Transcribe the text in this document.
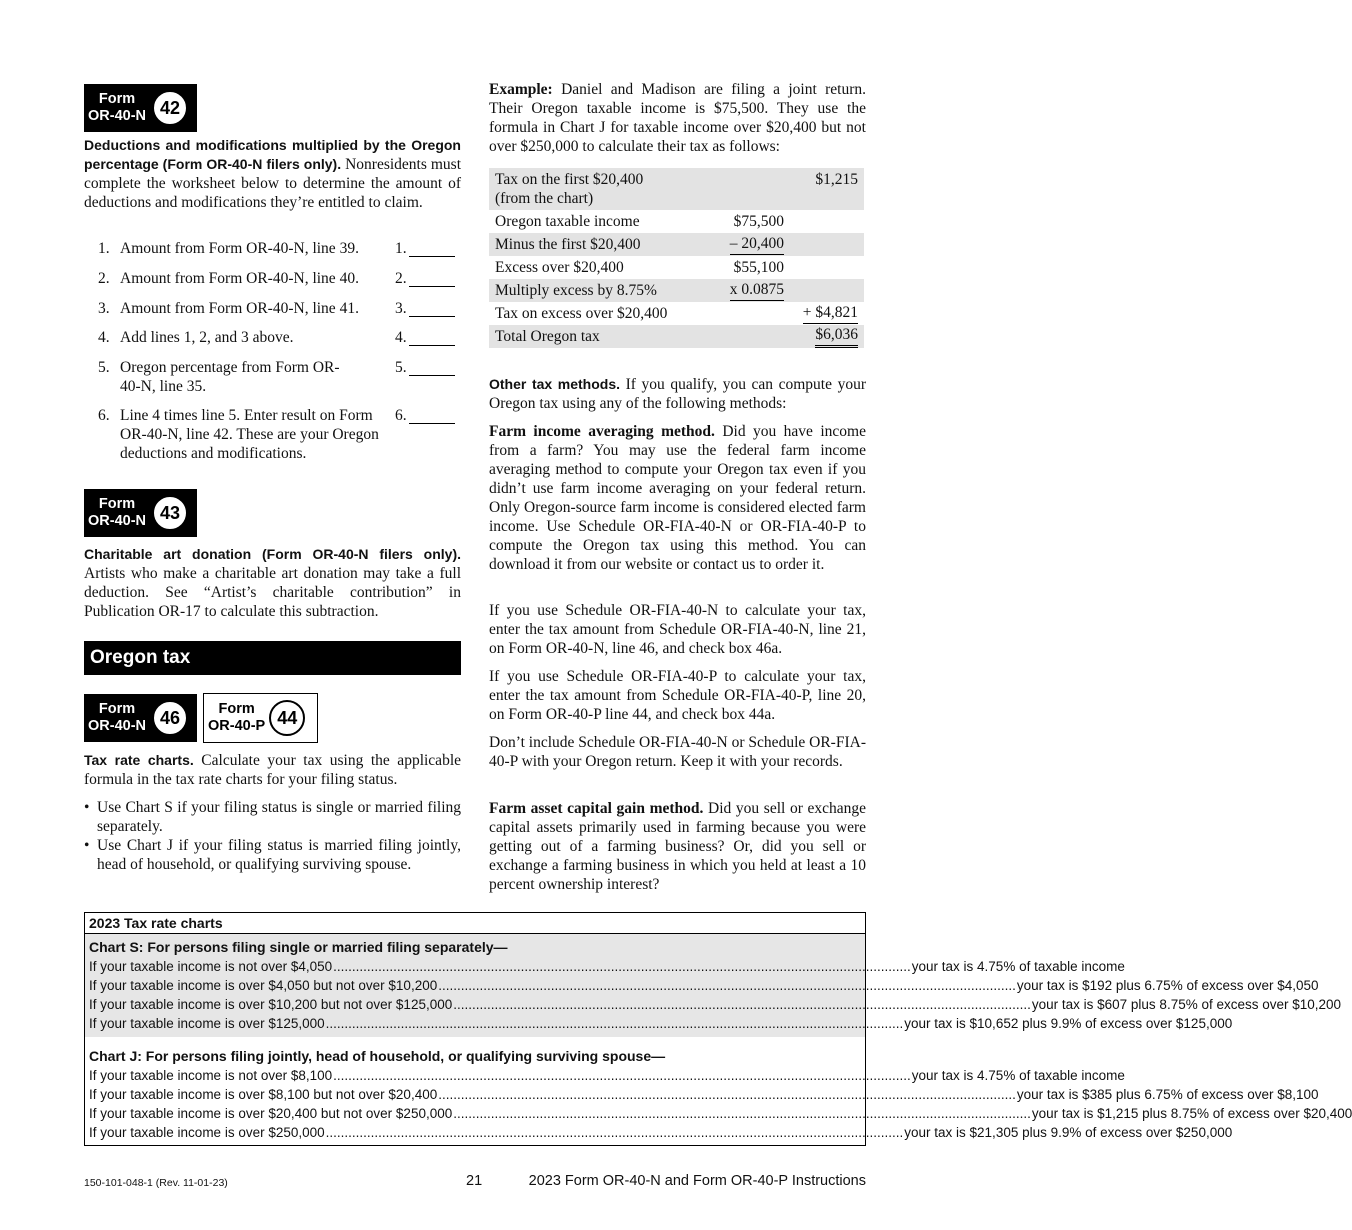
Form
OR-40-N 42

Deductions and modifications multiplied by the Oregon percentage (Form OR-40-N filers only). Nonresidents must complete the worksheet below to determine the amount of deductions and modifications they’re entitled to claim.

1. Amount from Form OR-40-N, line 39.	1.
2. Amount from Form OR-40-N, line 40.	2.
3. Amount from Form OR-40-N, line 41.	3.
4. Add lines 1, 2, and 3 above.	4.
5. Oregon percentage from Form OR-40-N, line 35.
5.
6. Line 4 times line 5. Enter result on Form OR-40-N, line 42. These are your Oregon deductions and modifications.
6.
Form
OR-40-N 43

Charitable art donation (Form OR-40-N filers only). Artists who make a charitable art donation may take a full deduction. See “Artist’s charitable contribution” in Publication OR-17 to calculate this subtraction.

Oregon tax
Form
OR-40-N 46	Form
OR-40-P 44

Tax rate charts. Calculate your tax using the applicable formula in the tax rate charts for your filing status.

• Use Chart S if your filing status is single or married filing separately.
• Use Chart J if your filing status is married filing jointly, head of household, or qualifying surviving spouse.

Example: Daniel and Madison are filing a joint return. Their Oregon taxable income is $75,500. They use the formula in Chart J for taxable income over $20,400 but not over $250,000 to calculate their tax as follows:

Tax on the first $20,400
(from the chart)
$1,215
Oregon taxable income	$75,500
Minus the first $20,400	– 20,400
Excess over $20,400	$55,100
Multiply excess by 8.75%	x 0.0875
Tax on excess over $20,400	+ $4,821
Total Oregon tax	$6,036

Other tax methods. If you qualify, you can compute your Oregon tax using any of the following methods:

Farm income averaging method. Did you have income from a farm? You may use the federal farm income averaging method to compute your Oregon tax even if you didn’t use farm income averaging on your federal return. Only Oregon-source farm income is considered elected farm income. Use Schedule OR-FIA-40-N or OR-FIA-40-P to compute the Oregon tax using this method. You can download it from our website or contact us to order it.

If you use Schedule OR-FIA-40-N to calculate your tax, enter the tax amount from Schedule OR-FIA-40-N, line 21, on Form OR-40-N, line 46, and check box 46a.

If you use Schedule OR-FIA-40-P to calculate your tax, enter the tax amount from Schedule OR-FIA-40-P, line 20, on Form OR-40-P line 44, and check box 44a.

Don’t include Schedule OR-FIA-40-N or Schedule OR-FIA-40-P with your Oregon return. Keep it with your records.

Farm asset capital gain method. Did you sell or exchange capital assets primarily used in farming because you were getting out of a farming business? Or, did you sell or exchange a farming business in which you held at least a 10 percent ownership interest?

2023 Tax rate charts
Chart S: For persons filing single or married filing separately—
If your taxable income is not over $4,050 .......................................................................................................................................................... your tax is 4.75% of taxable income
If your taxable income is over $4,050 but not over $10,200 .......................................................................................................................................................... your tax is $192 plus 6.75% of excess over $4,050
If your taxable income is over $10,200 but not over $125,000 .......................................................................................................................................................... your tax is $607 plus 8.75% of excess over $10,200
If your taxable income is over $125,000 .......................................................................................................................................................... your tax is $10,652 plus 9.9% of excess over $125,000
Chart J: For persons filing jointly, head of household, or qualifying surviving spouse—
If your taxable income is not over $8,100 .......................................................................................................................................................... your tax is 4.75% of taxable income
If your taxable income is over $8,100 but not over $20,400 .......................................................................................................................................................... your tax is $385 plus 6.75% of excess over $8,100
If your taxable income is over $20,400 but not over $250,000 .......................................................................................................................................................... your tax is $1,215 plus 8.75% of excess over $20,400
If your taxable income is over $250,000 .......................................................................................................................................................... your tax is $21,305 plus 9.9% of excess over $250,000
150-101-048-1 (Rev. 11-01-23)	21	2023 Form OR-40-N and Form OR-40-P Instructions
